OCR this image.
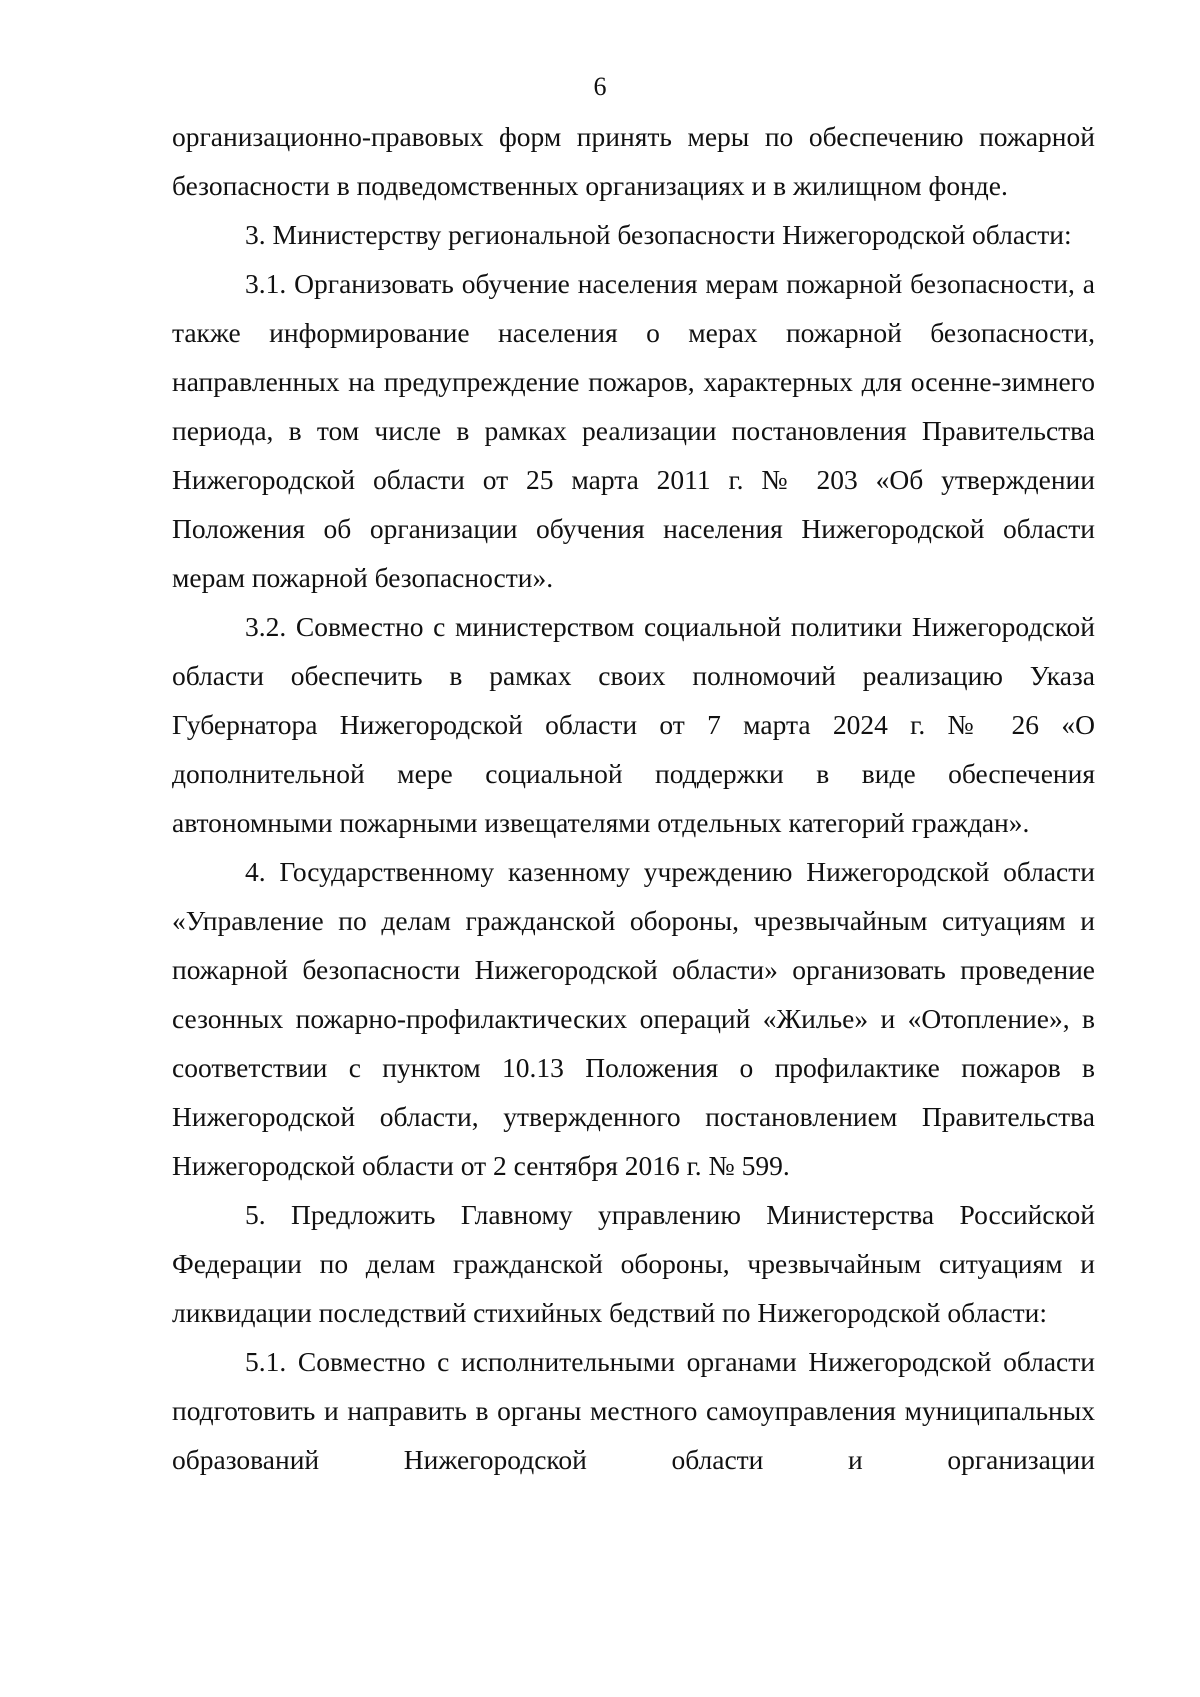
6

организационно-правовых форм принять меры по обеспечению пожарной безопасности в подведомственных организациях и в жилищном фонде.

3. Министерству региональной безопасности Нижегородской области:

3.1. Организовать обучение населения мерам пожарной безопасности, а также информирование населения о мерах пожарной безопасности, направленных на предупреждение пожаров, характерных для осенне-зимнего периода, в том числе в рамках реализации постановления Правительства Нижегородской области от 25 марта 2011 г. № 203 «Об утверждении Положения об организации обучения населения Нижегородской области мерам пожарной безопасности».

3.2. Совместно с министерством социальной политики Нижегородской области обеспечить в рамках своих полномочий реализацию Указа Губернатора Нижегородской области от 7 марта 2024 г. № 26 «О дополнительной мере социальной поддержки в виде обеспечения автономными пожарными извещателями отдельных категорий граждан».

4. Государственному казенному учреждению Нижегородской области «Управление по делам гражданской обороны, чрезвычайным ситуациям и пожарной безопасности Нижегородской области» организовать проведение сезонных пожарно-профилактических операций «Жилье» и «Отопление», в соответствии с пунктом 10.13 Положения о профилактике пожаров в Нижегородской области, утвержденного постановлением Правительства Нижегородской области от 2 сентября 2016 г. № 599.

5. Предложить Главному управлению Министерства Российской Федерации по делам гражданской обороны, чрезвычайным ситуациям и ликвидации последствий стихийных бедствий по Нижегородской области:

5.1. Совместно с исполнительными органами Нижегородской области подготовить и направить в органы местного самоуправления муниципальных образований Нижегородской области и организации
